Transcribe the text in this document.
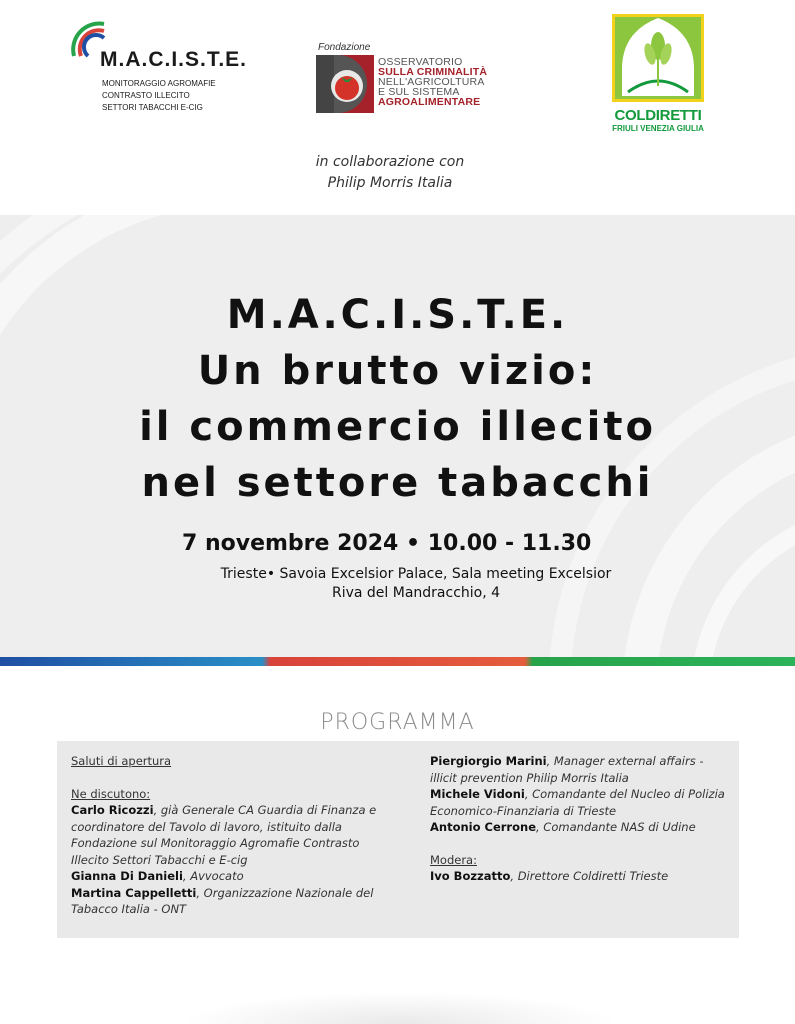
M.A.C.I.S.T.E.
MONITORAGGIO AGROMAFIE
CONTRASTO ILLECITO
SETTORI TABACCHI E-CIG
Fondazione
OSSERVATORIO
SULLA CRIMINALITÀ
NELL'AGRICOLTURA
E SUL SISTEMA
AGROALIMENTARE
COLDIRETTI
FRIULI VENEZIA GIULIA
in collaborazione con
Philip Morris Italia
M.A.C.I.S.T.E.
Un brutto vizio:
il commercio illecito
nel settore tabacchi
7 novembre 2024 • 10.00 - 11.30
Trieste• Savoia Excelsior Palace, Sala meeting Excelsior
Riva del Mandracchio, 4
PROGRAMMA
Saluti di apertura
Ne discutono:
Carlo Ricozzi, già Generale CA Guardia di Finanza e coordinatore del Tavolo di lavoro, istituito dalla Fondazione sul Monitoraggio Agromafie Contrasto Illecito Settori Tabacchi e E-cig
Gianna Di Danieli, Avvocato
Martina Cappelletti, Organizzazione Nazionale del Tabacco Italia - ONT
Piergiorgio Marini, Manager external affairs - illicit prevention Philip Morris Italia
Michele Vidoni, Comandante del Nucleo di Polizia Economico-Finanziaria di Trieste
Antonio Cerrone, Comandante NAS di Udine
Modera:
Ivo Bozzatto, Direttore Coldiretti Trieste
